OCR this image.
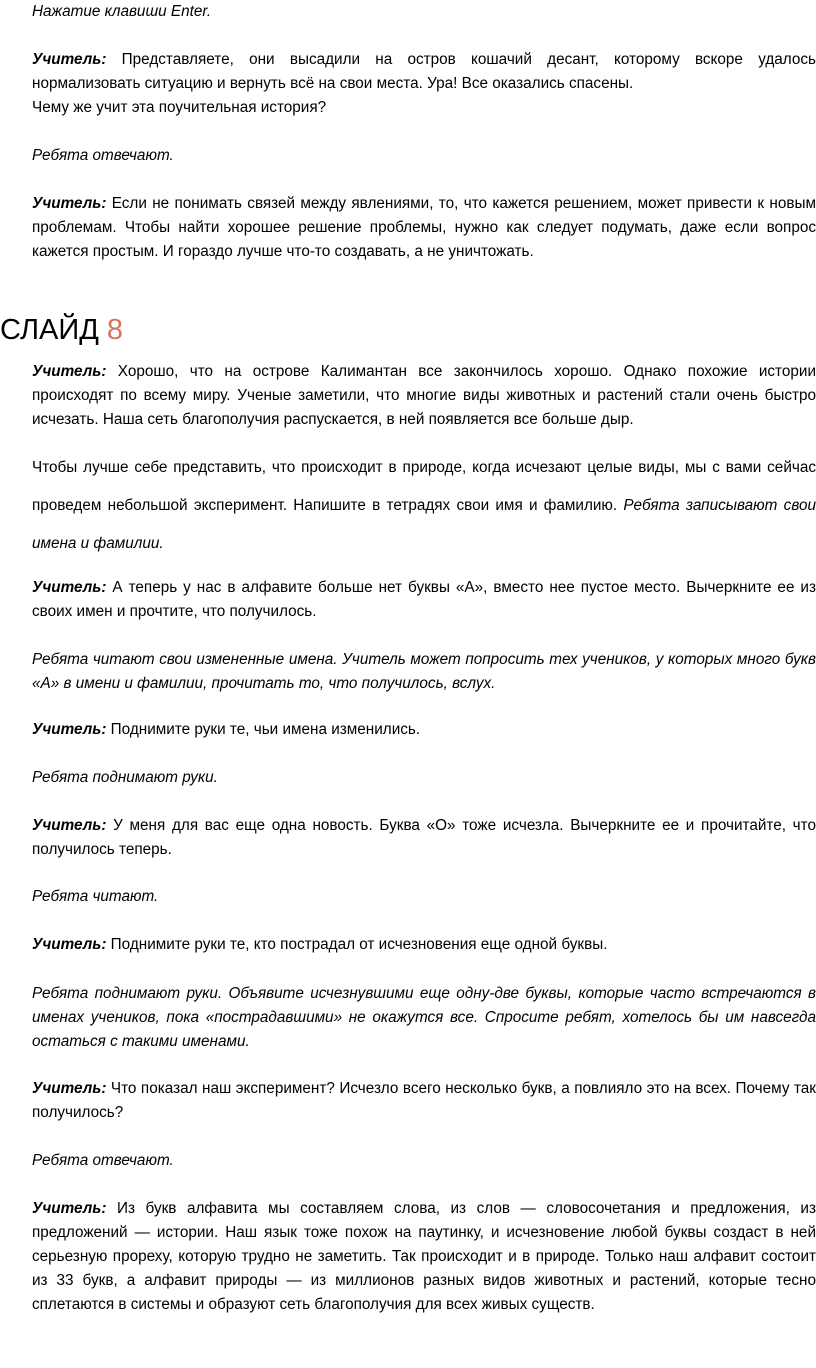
Нажатие клавиши Enter.

Учитель: Представляете, они высадили на остров кошачий десант, которому вскоре удалось нормализовать ситуацию и вернуть всё на свои места. Ура! Все оказались спасены.

Чему же учит эта поучительная история?

Ребята отвечают.

Учитель: Если не понимать связей между явлениями, то, что кажется решением, может привести к новым проблемам. Чтобы найти хорошее решение проблемы, нужно как следует подумать, даже если вопрос кажется простым. И гораздо лучше что-то создавать, а не уничтожать.

СЛАЙД 8

Учитель: Хорошо, что на острове Калимантан все закончилось хорошо. Однако похожие истории происходят по всему миру. Ученые заметили, что многие виды животных и растений стали очень быстро исчезать. Наша сеть благополучия распускается, в ней появляется все больше дыр.

Чтобы лучше себе представить, что происходит в природе, когда исчезают целые виды, мы с вами сейчас проведем небольшой эксперимент. Напишите в тетрадях свои имя и фамилию. Ребята записывают свои имена и фамилии.

Учитель: А теперь у нас в алфавите больше нет буквы «А», вместо нее пустое место. Вычеркните ее из своих имен и прочтите, что получилось.

Ребята читают свои измененные имена. Учитель может попросить тех учеников, у которых много букв «А» в имени и фамилии, прочитать то, что получилось, вслух.

Учитель: Поднимите руки те, чьи имена изменились.

Ребята поднимают руки.

Учитель: У меня для вас еще одна новость. Буква «О» тоже исчезла. Вычеркните ее и прочитайте, что получилось теперь.

Ребята читают.

Учитель: Поднимите руки те, кто пострадал от исчезновения еще одной буквы.

Ребята поднимают руки. Объявите исчезнувшими еще одну-две буквы, которые часто встречаются в именах учеников, пока «пострадавшими» не окажутся все. Спросите ребят, хотелось бы им навсегда остаться с такими именами.

Учитель: Что показал наш эксперимент? Исчезло всего несколько букв, а повлияло это на всех. Почему так получилось?

Ребята отвечают.

Учитель: Из букв алфавита мы составляем слова, из слов — словосочетания и предложения, из предложений — истории. Наш язык тоже похож на паутинку, и исчезновение любой буквы создаст в ней серьезную прореху, которую трудно не заметить. Так происходит и в природе. Только наш алфавит состоит из 33 букв, а алфавит природы — из миллионов разных видов животных и растений, которые тесно сплетаются в системы и образуют сеть благополучия для всех живых существ.
